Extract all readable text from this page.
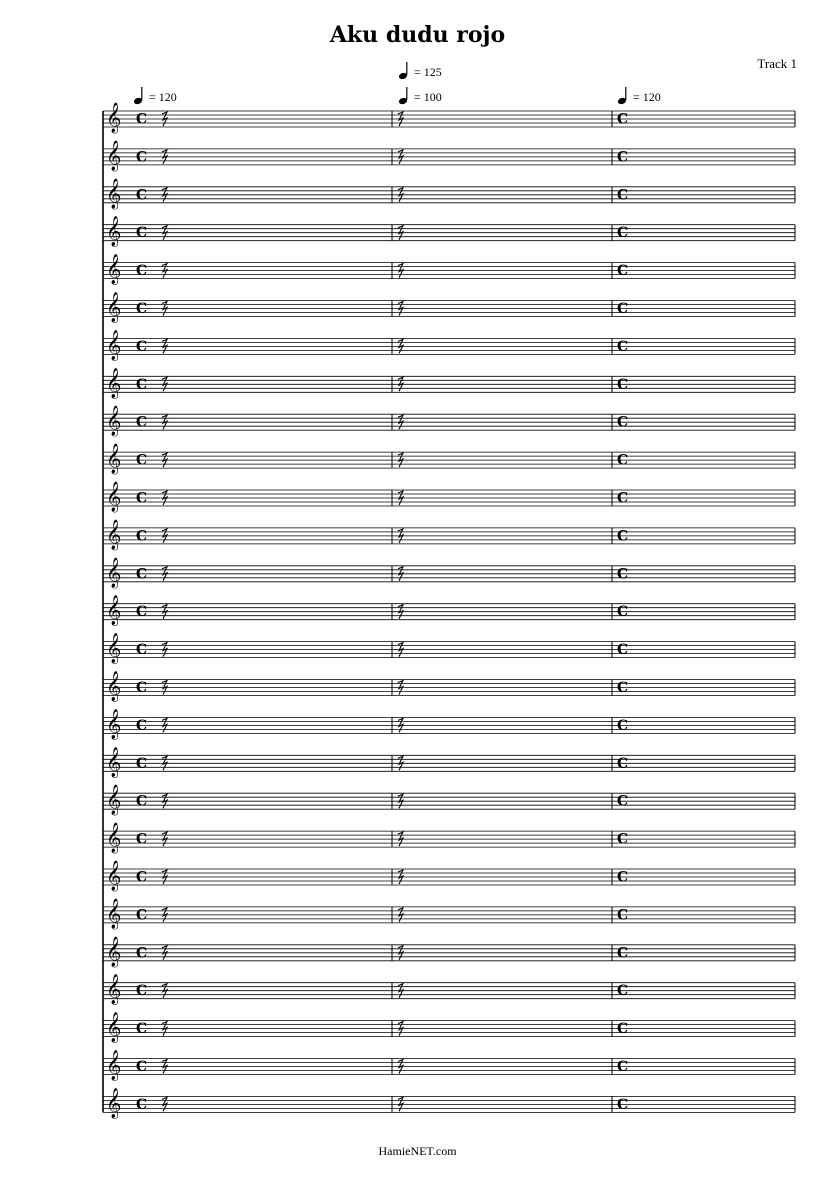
Aku dudu rojo
Track 1
= 120
= 125
= 100	= 120
𝄞 C	C
𝄞 C	C
𝄞 C	C
𝄞 C	C
𝄞 C	C
𝄞 C	C
𝄞 C	C
𝄞 C	C
𝄞 C	C
𝄞 C	C
𝄞 C	C
𝄞 C	C
𝄞 C	C
𝄞 C	C
𝄞 C	C
𝄞 C	C
𝄞 C	C
𝄞 C	C
𝄞 C	C
𝄞 C	C
𝄞 C	C
𝄞 C	C
𝄞 C	C
𝄞 C	C
𝄞 C	C
𝄞 C	C
𝄞 C	C
HamieNET.com
